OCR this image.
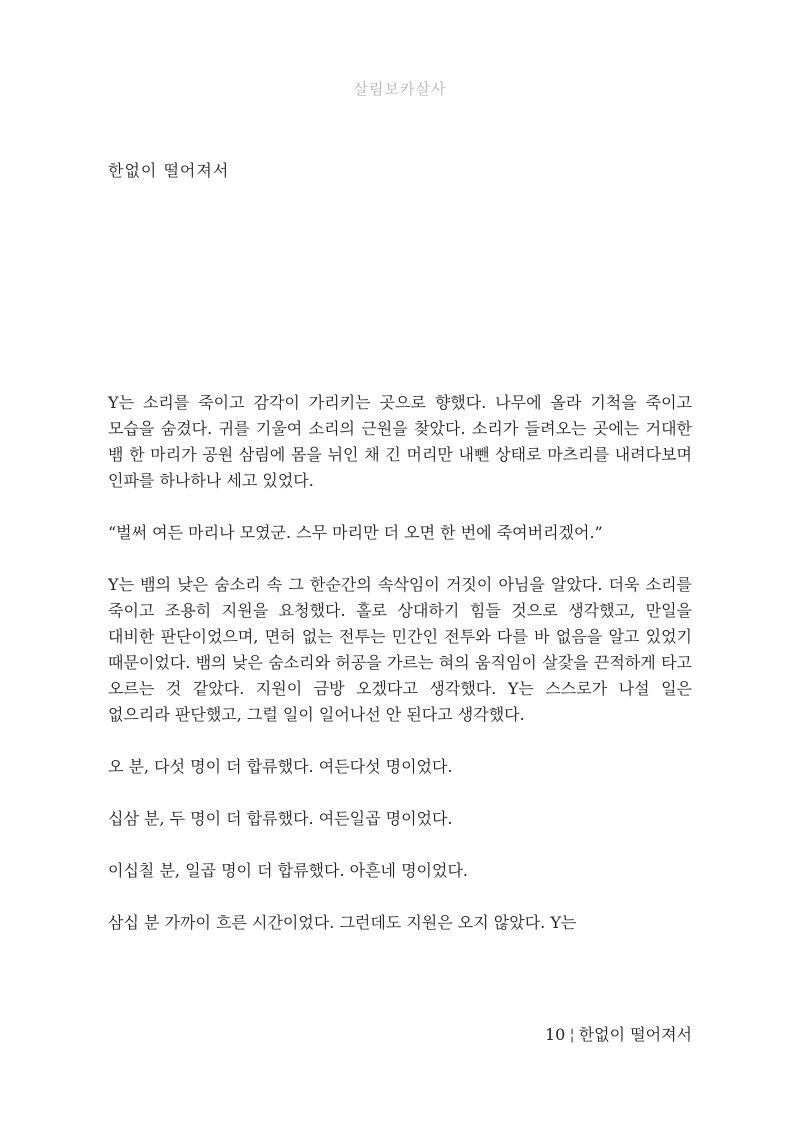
살림보카살사
한없이 떨어져서

Y는 소리를 죽이고 감각이 가리키는 곳으로 향했다. 나무에 올라 기척을 죽이고 모습을 숨겼다. 귀를 기울여 소리의 근원을 찾았다. 소리가 들려오는 곳에는 거대한 뱀 한 마리가 공원 삼림에 몸을 뉘인 채 긴 머리만 내뺀 상태로 마츠리를 내려다보며 인파를 하나하나 세고 있었다.

“벌써 여든 마리나 모였군. 스무 마리만 더 오면 한 번에 죽여버리겠어.”

Y는 뱀의 낮은 숨소리 속 그 한순간의 속삭임이 거짓이 아님을 알았다. 더욱 소리를 죽이고 조용히 지원을 요청했다. 홀로 상대하기 힘들 것으로 생각했고, 만일을 대비한 판단이었으며, 면허 없는 전투는 민간인 전투와 다를 바 없음을 알고 있었기 때문이었다. 뱀의 낮은 숨소리와 허공을 가르는 혀의 움직임이 살갗을 끈적하게 타고 오르는 것 같았다. 지원이 금방 오겠다고 생각했다. Y는 스스로가 나설 일은 없으리라 판단했고, 그럴 일이 일어나선 안 된다고 생각했다.

오 분, 다섯 명이 더 합류했다. 여든다섯 명이었다.

십삼 분, 두 명이 더 합류했다. 여든일곱 명이었다.

이십칠 분, 일곱 명이 더 합류했다. 아흔네 명이었다.

삼십 분 가까이 흐른 시간이었다. 그런데도 지원은 오지 않았다. Y는

10 ¦ 한없이 떨어져서
